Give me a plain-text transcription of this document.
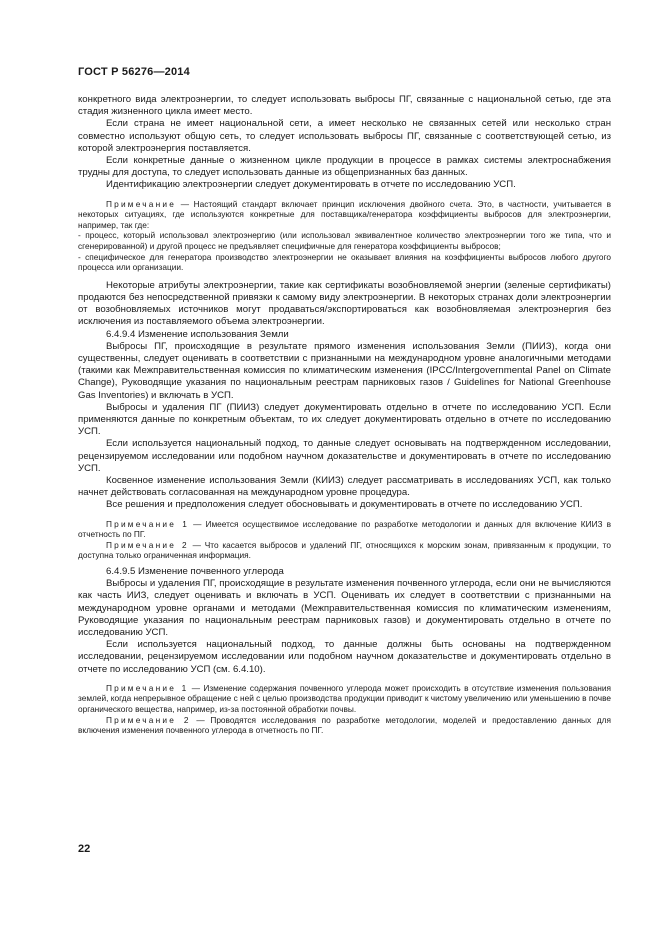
ГОСТ Р 56276—2014

конкретного вида электроэнергии, то следует использовать выбросы ПГ, связанные с национальной сетью, где эта стадия жизненного цикла имеет место.

Если страна не имеет национальной сети, а имеет несколько не связанных сетей или несколько стран совместно используют общую сеть, то следует использовать выбросы ПГ, связанные с соответствующей сетью, из которой электроэнергия поставляется.

Если конкретные данные о жизненном цикле продукции в процессе в рамках системы электроснабжения трудны для доступа, то следует использовать данные из общепризнанных баз данных.

Идентификацию электроэнергии следует документировать в отчете по исследованию УСП.

Примечание — Настоящий стандарт включает принцип исключения двойного счета. Это, в частности, учитывается в некоторых ситуациях, где используются конкретные для поставщика/генератора коэффициенты выбросов для электроэнергии, например, так где:

- процесс, который использовал электроэнергию (или использовал эквивалентное количество электроэнергии того же типа, что и сгенерированной) и другой процесс не предъявляет специфичные для генератора коэффициенты выбросов;

- специфическое для генератора производство электроэнергии не оказывает влияния на коэффициенты выбросов любого другого процесса или организации.

Некоторые атрибуты электроэнергии, такие как сертификаты возобновляемой энергии (зеленые сертификаты) продаются без непосредственной привязки к самому виду электроэнергии. В некоторых странах доли электроэнергии от возобновляемых источников могут продаваться/экспортироваться как возобновляемая электроэнергия без исключения из поставляемого объема электроэнергии.

6.4.9.4 Изменение использования Земли

Выбросы ПГ, происходящие в результате прямого изменения использования Земли (ПИИЗ), когда они существенны, следует оценивать в соответствии с признанными на международном уровне аналогичными методами (такими как Межправительственная комиссия по климатическим изменения (IPCC/Intergovernmental Panel on Climate Change), Руководящие указания по национальным реестрам парниковых газов / Guidelines for National Greenhouse Gas Inventories) и включать в УСП.

Выбросы и удаления ПГ (ПИИЗ) следует документировать отдельно в отчете по исследованию УСП. Если применяются данные по конкретным объектам, то их следует документировать отдельно в отчете по исследованию УСП.

Если используется национальный подход, то данные следует основывать на подтвержденном исследовании, рецензируемом исследовании или подобном научном доказательстве и документировать в отчете по исследованию УСП.

Косвенное изменение использования Земли (КИИЗ) следует рассматривать в исследованиях УСП, как только начнет действовать согласованная на международном уровне процедура.

Все решения и предположения следует обосновывать и документировать в отчете по исследованию УСП.

Примечание 1 — Имеется осуществимое исследование по разработке методологии и данных для включение КИИЗ в отчетность по ПГ.

Примечание 2 — Что касается выбросов и удалений ПГ, относящихся к морским зонам, привязанным к продукции, то доступна только ограниченная информация.

6.4.9.5 Изменение почвенного углерода

Выбросы и удаления ПГ, происходящие в результате изменения почвенного углерода, если они не вычисляются как часть ИИЗ, следует оценивать и включать в УСП. Оценивать их следует в соответствии с признанными на международном уровне органами и методами (Межправительственная комиссия по климатическим изменениям, Руководящие указания по национальным реестрам парниковых газов) и документировать отдельно в отчете по исследованию УСП.

Если используется национальный подход, то данные должны быть основаны на подтвержденном исследовании, рецензируемом исследовании или подобном научном доказательстве и документировать отдельно в отчете по исследованию УСП (см. 6.4.10).

Примечание 1 — Изменение содержания почвенного углерода может происходить в отсутствие изменения пользования землей, когда непрерывное обращение с ней с целью производства продукции приводит к чистому увеличению или уменьшению в почве органического вещества, например, из-за постоянной обработки почвы.

Примечание 2 — Проводятся исследования по разработке методологии, моделей и предоставлению данных для включения изменения почвенного углерода в отчетность по ПГ.

22
